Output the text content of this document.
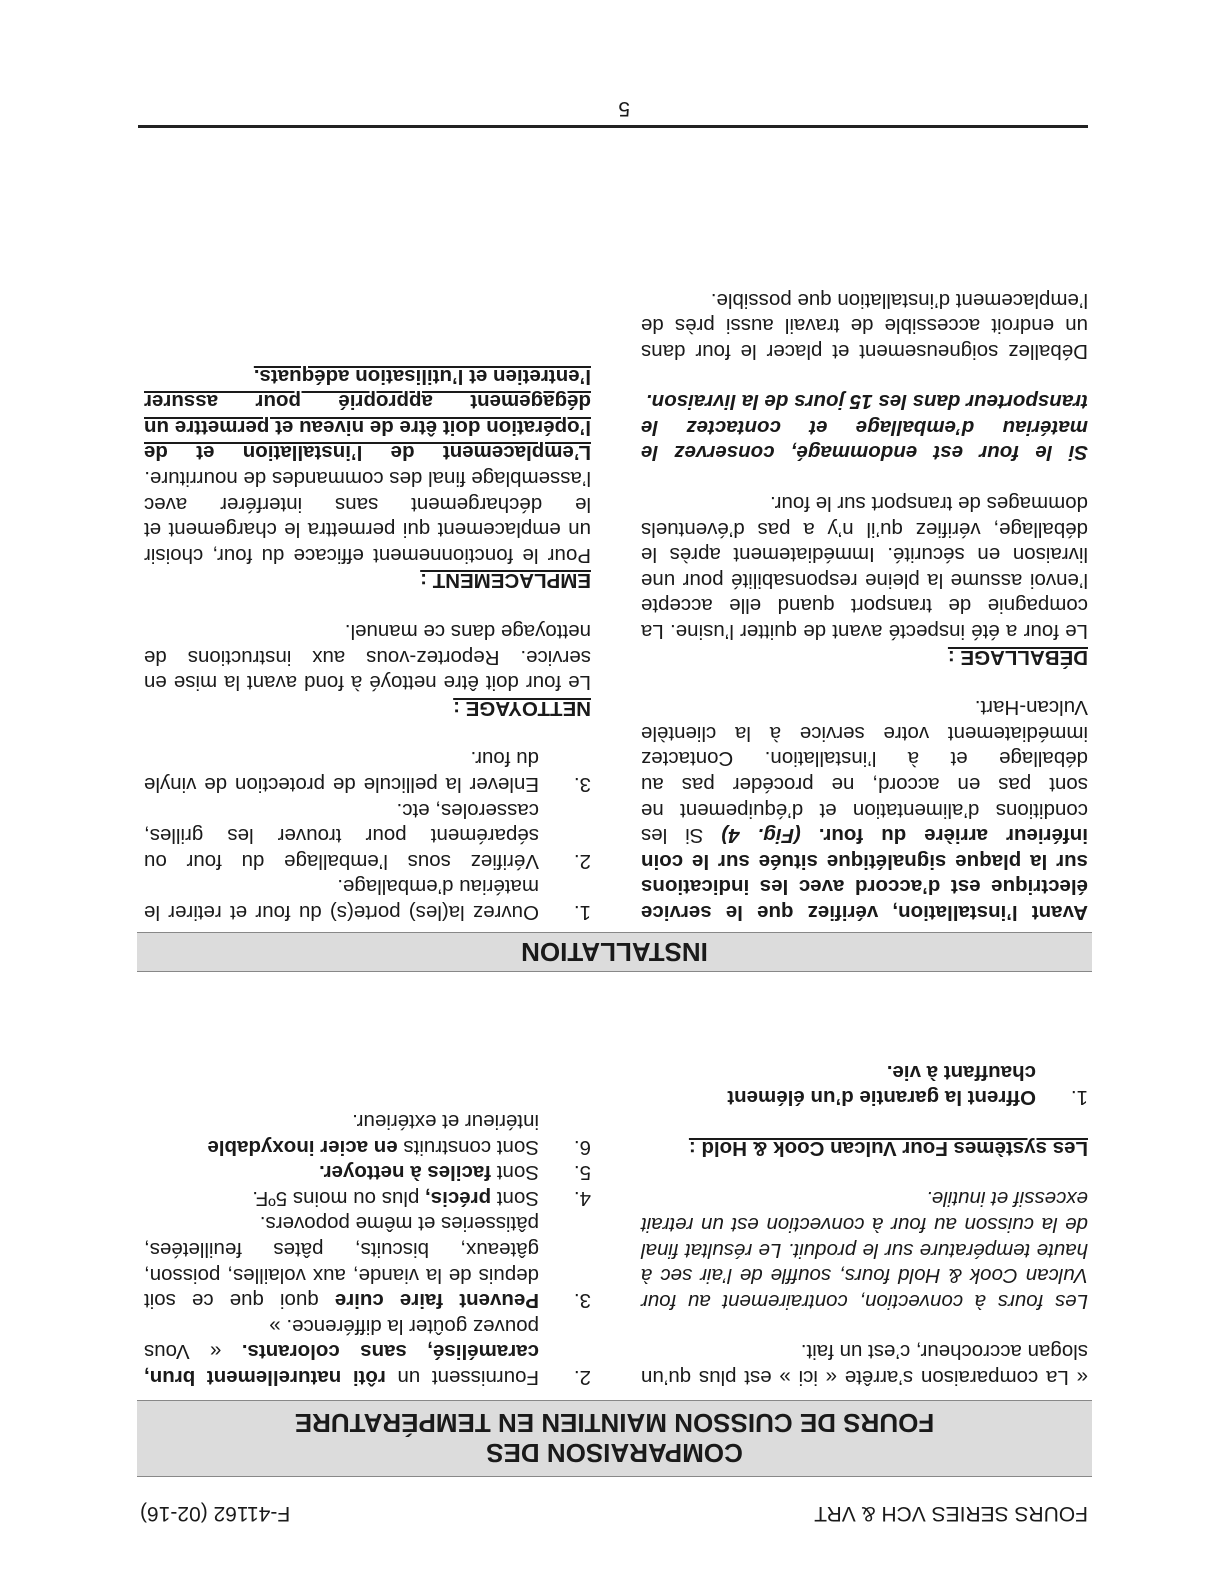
FOURS SERIES VCH & VRT
F-41162 (02-16)
COMPARAISON DES
FOURS DE CUISSON MAINTIEN EN TEMPÉRATURE

« La comparaison s’arrête « ici » est plus qu’un slogan accrocheur, c’est un fait.

Les fours à convection, contrairement au four Vulcan Cook & Hold fours, souffle de l’air sec à haute température sur le produit. Le résultat final de la cuisson au four à convection est un retrait excessif et inutile.

Les systèmes Four Vulcan Cook & Hold :

1.
Offrent la garantie d’un élément chauffant à vie.
2.
Fournissent un rôti naturellement brun, caramélisé, sans colorants. « Vous pouvez goûter la différence. »
3.
Peuvent faire cuire quoi que ce soit depuis de la viande, aux volailles, poisson, gâteaux, biscuits, pâtes feuilletées, pâtisseries et même popovers.
4.
Sont précis, plus ou moins 5ºF.
5.
Sont faciles à nettoyer.
6.
Sont construits en acier inoxydable intérieur et extérieur.
INSTALLATION

Avant l’installation, vérifiez que le service électrique est d’accord avec les indications sur la plaque signalétique située sur le coin inférieur arrière du four. (Fig. 4) Si les conditions d’alimentation et d’équipement ne sont pas en accord, ne procéder pas au déballage et à l’installation. Contactez immédiatement votre service à la clientèle Vulcan-Hart.

DÉBALLAGE :

Le four a été inspecté avant de quitter l’usine. La compagnie de transport quand elle accepte l’envoi assume la pleine responsabilité pour une livraison en sécurité. Immédiatement après le déballage, vérifiez qu’il n’y a pas d’éventuels dommages de transport sur le four.

Si le four est endommagé, conservez le matériau d’emballage et contactez le transporteur dans les 15 jours de la livraison.

Déballez soigneusement et placer le four dans un endroit accessible de travail aussi près de l’emplacement d’installation que possible.

1.
Ouvrez la(les) porte(s) du four et retirer le matériau d’emballage.
2.
Vérifiez sous l’emballage du four ou séparément pour trouver les grilles, casseroles, etc.
3.
Enlever la pellicule de protection de vinyle du four.

NETTOYAGE :

Le four doit être nettoyé à fond avant la mise en service. Reportez-vous aux instructions de nettoyage dans ce manuel.

EMPLACEMENT :

Pour le fonctionnement efficace du four, choisir un emplacement qui permettra le chargement et le déchargement sans interférer avec l’assemblage final des commandes de nourriture.

L’emplacement de l’installation et de l’opération doit être de niveau et permettre un dégagement approprié pour assurer l’entretien et l’utilisation adéquats.

5
